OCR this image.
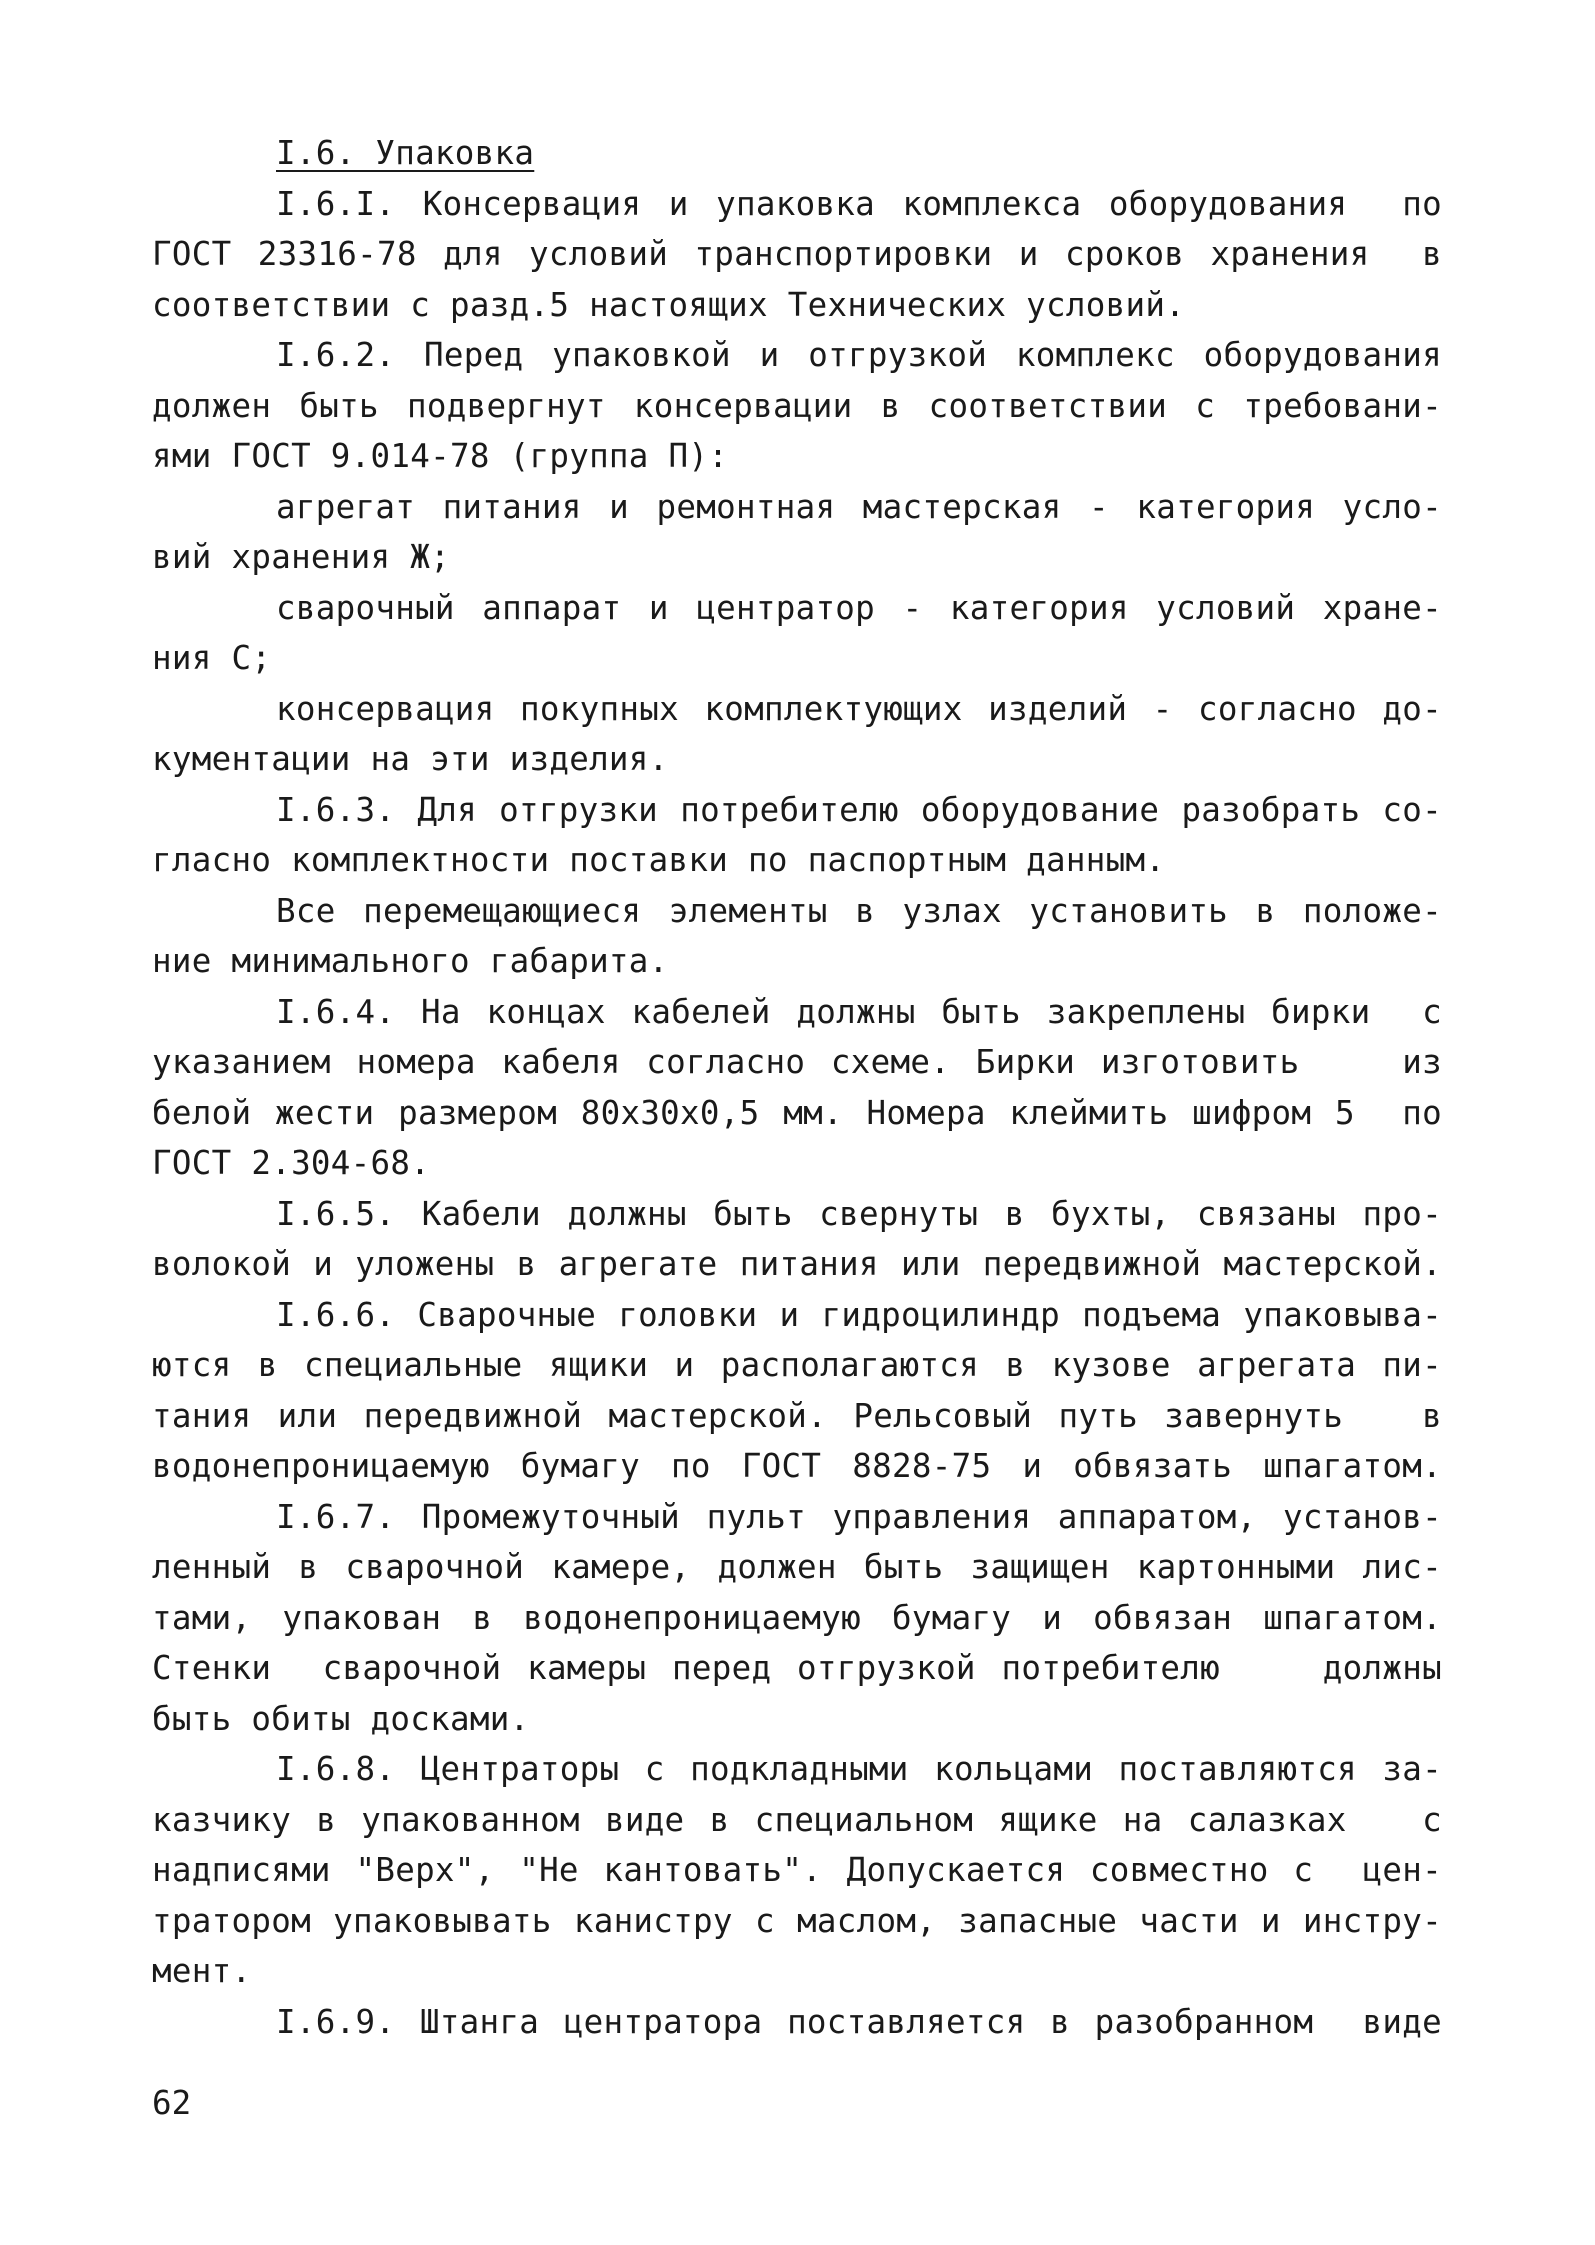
I.6. Упаковка
I.6.I. Консервация и упаковка комплекса оборудования  по
ГОСТ 23316-78 для условий транспортировки и сроков хранения  в
соответствии с разд.5 настоящих Технических условий.
I.6.2. Перед упаковкой и отгрузкой комплекс оборудования
должен быть подвергнут консервации в соответствии с требовани-
ями ГОСТ 9.014-78 (группа П):
агрегат питания и ремонтная мастерская - категория усло-
вий хранения Ж;
сварочный аппарат и центратор - категория условий хране-
ния С;
консервация покупных комплектующих изделий - согласно до-
кументации на эти изделия.
I.6.3. Для отгрузки потребителю оборудование разобрать со-
гласно комплектности поставки по паспортным данным.
Все перемещающиеся элементы в узлах установить в положе-
ние минимального габарита.
I.6.4. На концах кабелей должны быть закреплены бирки  с
указанием номера кабеля согласно схеме. Бирки изготовить    из
белой жести размером 80х30х0,5 мм. Номера клеймить шифром 5  по
ГОСТ 2.304-68.
I.6.5. Кабели должны быть свернуты в бухты, связаны про-
волокой и уложены в агрегате питания или передвижной мастерской.
I.6.6. Сварочные головки и гидроцилиндр подъема упаковыва-
ются в специальные ящики и располагаются в кузове агрегата пи-
тания или передвижной мастерской. Рельсовый путь завернуть   в
водонепроницаемую бумагу по ГОСТ 8828-75 и обвязать шпагатом.
I.6.7. Промежуточный пульт управления аппаратом, установ-
ленный в сварочной камере, должен быть защищен картонными лис-
тами, упакован в водонепроницаемую бумагу и обвязан шпагатом.
Стенки  сварочной камеры перед отгрузкой потребителю    должны
быть обиты досками.
I.6.8. Центраторы с подкладными кольцами поставляются за-
казчику в упакованном виде в специальном ящике на салазках   с
надписями "Верх", "Не кантовать". Допускается совместно с  цен-
тратором упаковывать канистру с маслом, запасные части и инстру-
мент.
I.6.9. Штанга центратора поставляется в разобранном  виде
62
